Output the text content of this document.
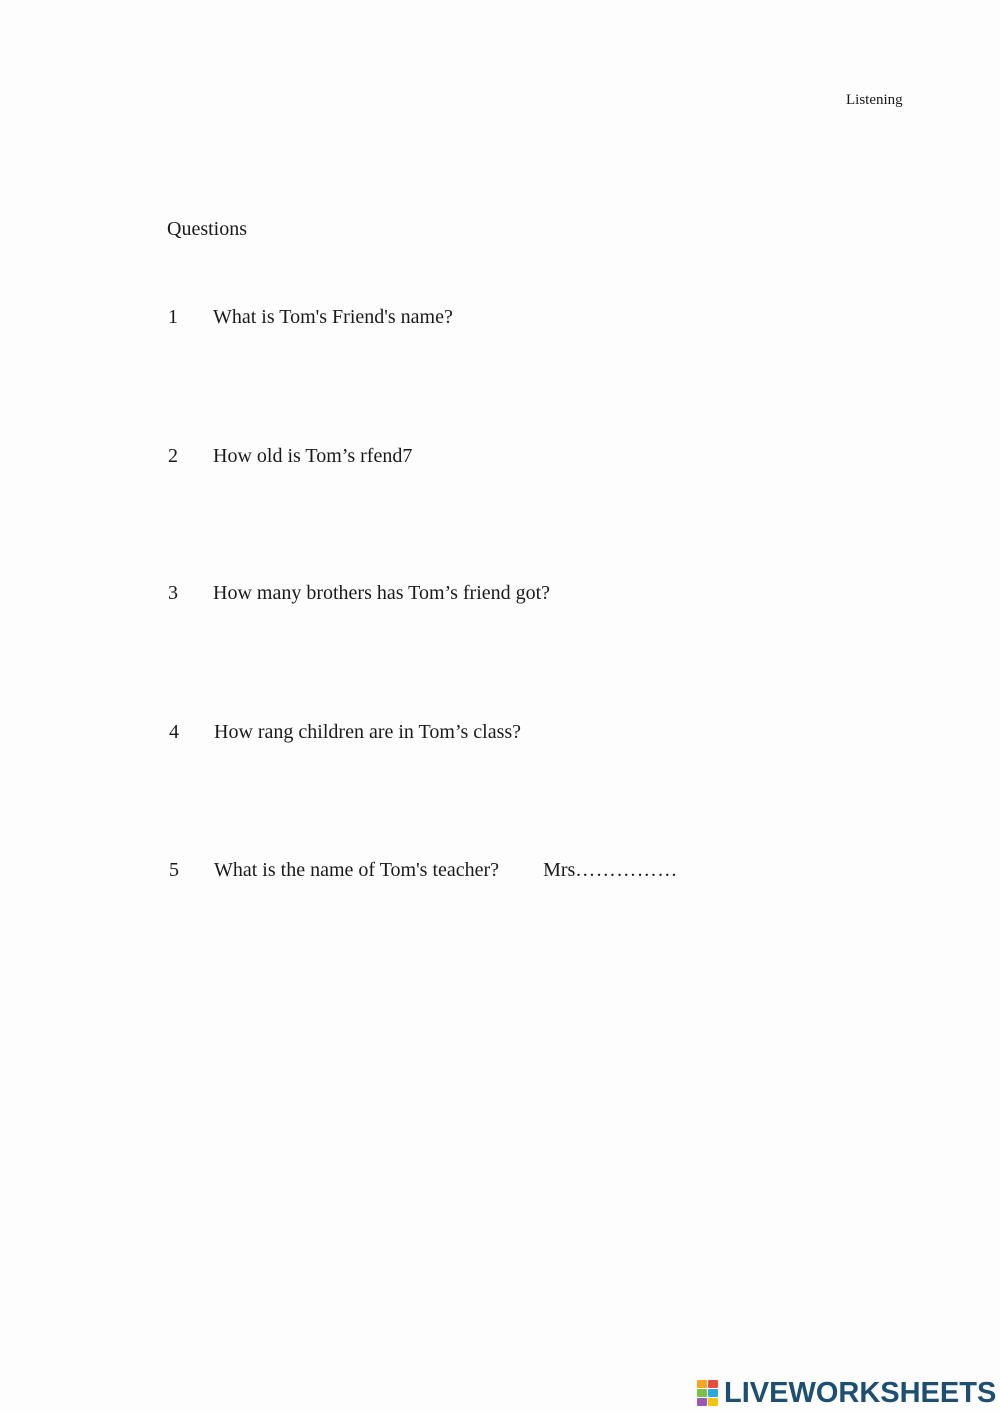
Listening
Questions
1 What is Tom's Friend's name?
2 How old is Tom’s rfend7
3 How many brothers has Tom’s friend got?
4 How rang children are in Tom’s class?
5 What is the name of Tom's teacher? Mrs……………
LIVEWORKSHEETS
